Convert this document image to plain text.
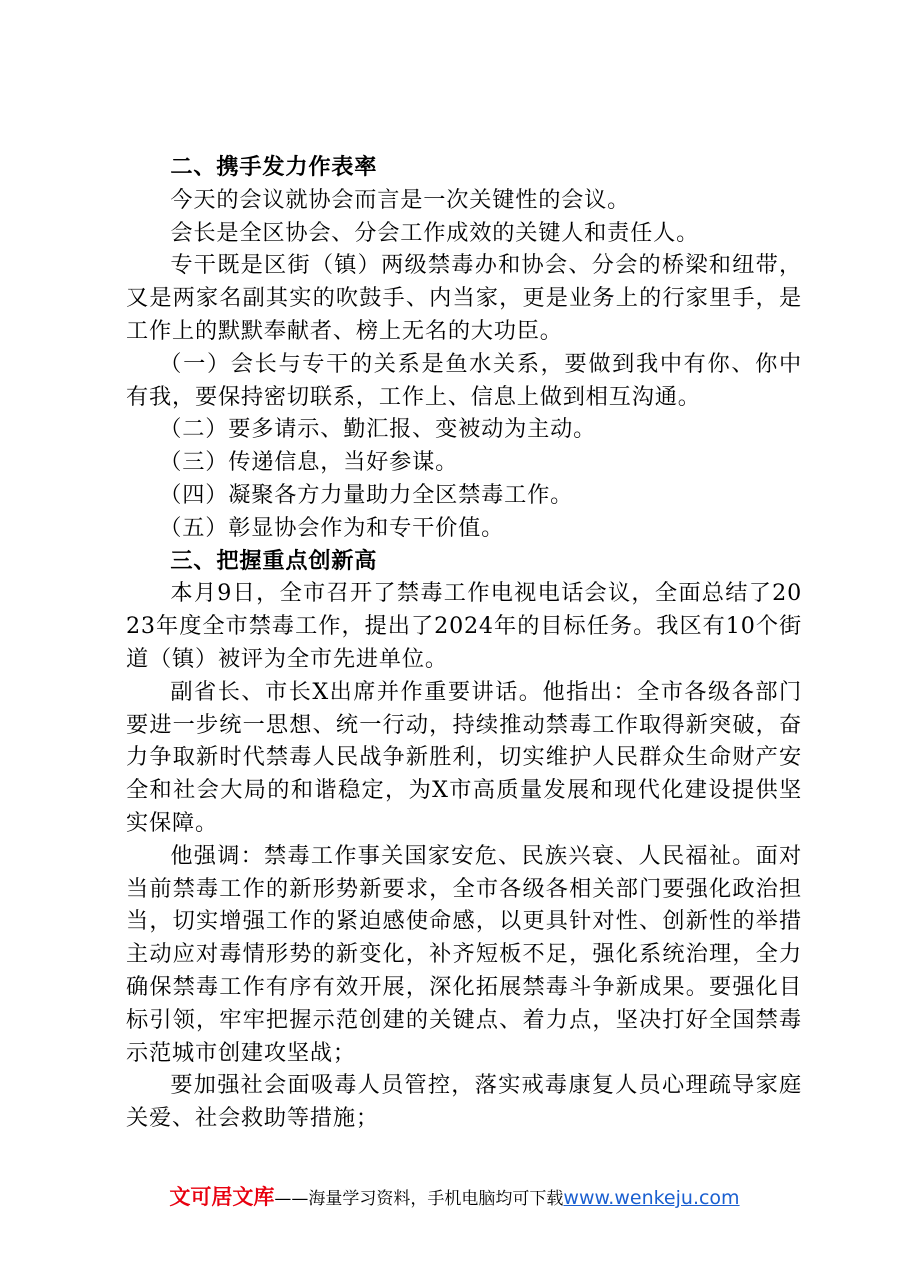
二、携手发力作表率

今天的会议就协会而言是一次关键性的会议。

会长是全区协会、分会工作成效的关键人和责任人。

专干既是区街（镇）两级禁毒办和协会、分会的桥梁和纽带，又是两家名副其实的吹鼓手、内当家，更是业务上的行家里手，是工作上的默默奉献者、榜上无名的大功臣。

（一）会长与专干的关系是鱼水关系，要做到我中有你、你中有我，要保持密切联系，工作上、信息上做到相互沟通。

（二）要多请示、勤汇报、变被动为主动。

（三）传递信息，当好参谋。

（四）凝聚各方力量助力全区禁毒工作。

（五）彰显协会作为和专干价值。

三、把握重点创新高

本月9日，全市召开了禁毒工作电视电话会议，全面总结了2023年度全市禁毒工作，提出了2024年的目标任务。我区有10个街道（镇）被评为全市先进单位。

副省长、市长X出席并作重要讲话。他指出：全市各级各部门要进一步统一思想、统一行动，持续推动禁毒工作取得新突破，奋力争取新时代禁毒人民战争新胜利，切实维护人民群众生命财产安全和社会大局的和谐稳定，为X市高质量发展和现代化建设提供坚实保障。

他强调：禁毒工作事关国家安危、民族兴衰、人民福祉。面对当前禁毒工作的新形势新要求，全市各级各相关部门要强化政治担当，切实增强工作的紧迫感使命感，以更具针对性、创新性的举措主动应对毒情形势的新变化，补齐短板不足，强化系统治理，全力确保禁毒工作有序有效开展，深化拓展禁毒斗争新成果。要强化目标引领，牢牢把握示范创建的关键点、着力点，坚决打好全国禁毒示范城市创建攻坚战；

要加强社会面吸毒人员管控，落实戒毒康复人员心理疏导家庭关爱、社会救助等措施；

文可居文库——海量学习资料，手机电脑均可下载www.wenkeju.com
